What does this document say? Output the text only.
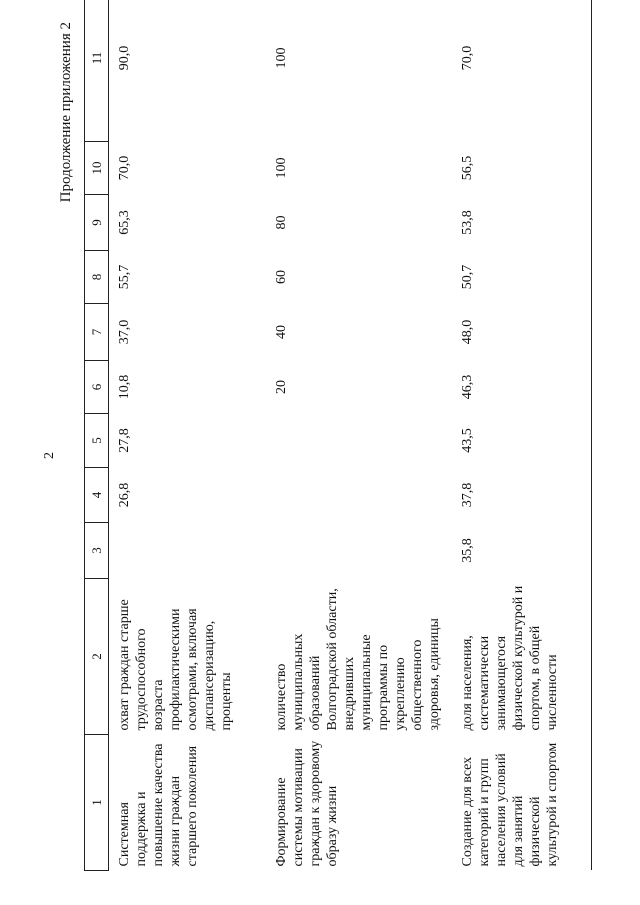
2
Продолжение приложения 2
1	2	3	4	5	6	7	8	9	10	11
Системная поддержка и повышение качества жизни граждан старшего поколения	охват граждан старше трудоспособного возраста профилактическими осмотрами, включая диспансеризацию, проценты		26,8	27,8	10,8	37,0	55,7	65,3	70,0	90,0
Формирование системы мотивации граждан к здоровому образу жизни	количество муниципальных образований Волгоградской области, внедривших муниципальные программы по укреплению общественного здоровья, единицы				20	40	60	80	100	100
Создание для всех категорий и групп населения условий для занятий физической культурой и спортом	доля населения, систематически занимающегося физической культурой и спортом, в общей численности	35,8	37,8	43,5	46,3	48,0	50,7	53,8	56,5	70,0
